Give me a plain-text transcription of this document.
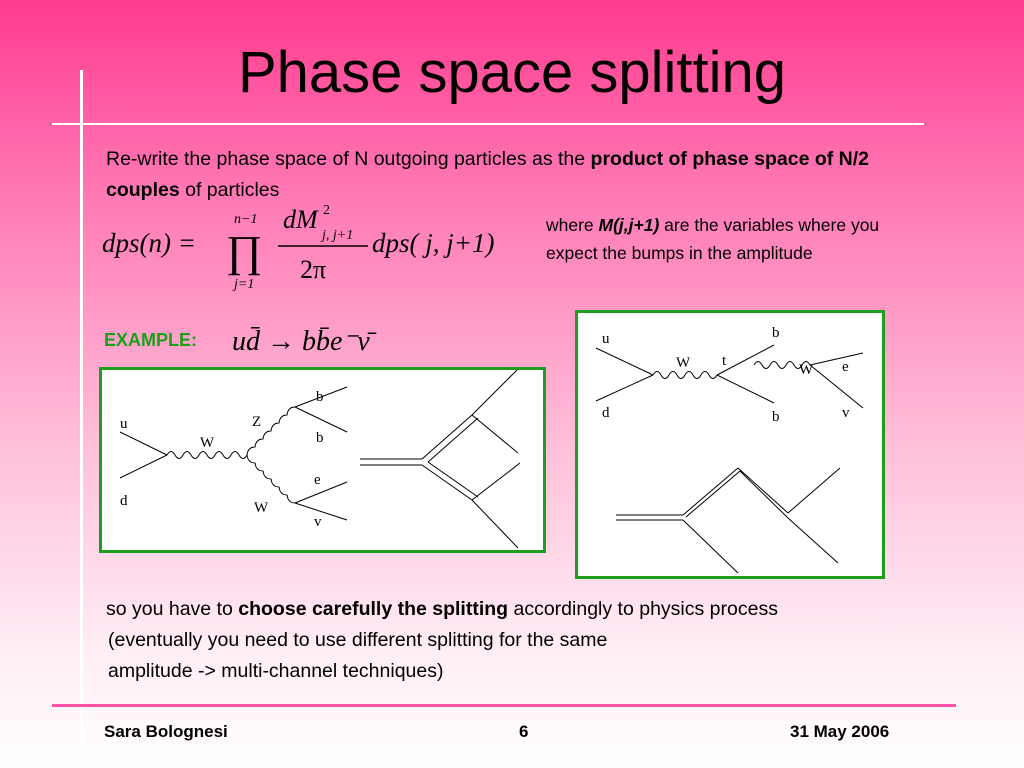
Phase space splitting
Re-write the phase space of N outgoing particles as the product of phase space of N/2 couples of particles
dps(n) =
n−1
∏
j=1
dM 2
j, j+1
2π
dps( j, j+1)
where M(j,j+1) are the variables where you expect the bumps in the amplitude
EXAMPLE: ud̄ → bb̄e⁻ν̄
u
d
W
Z
W
b
b
e
v
u
d
W t
b
W e
v
b
so you have to choose carefully the splitting accordingly to physics process
(eventually you need to use different splitting for the same
amplitude -> multi-channel techniques)
Sara Bolognesi	6	31 May 2006
